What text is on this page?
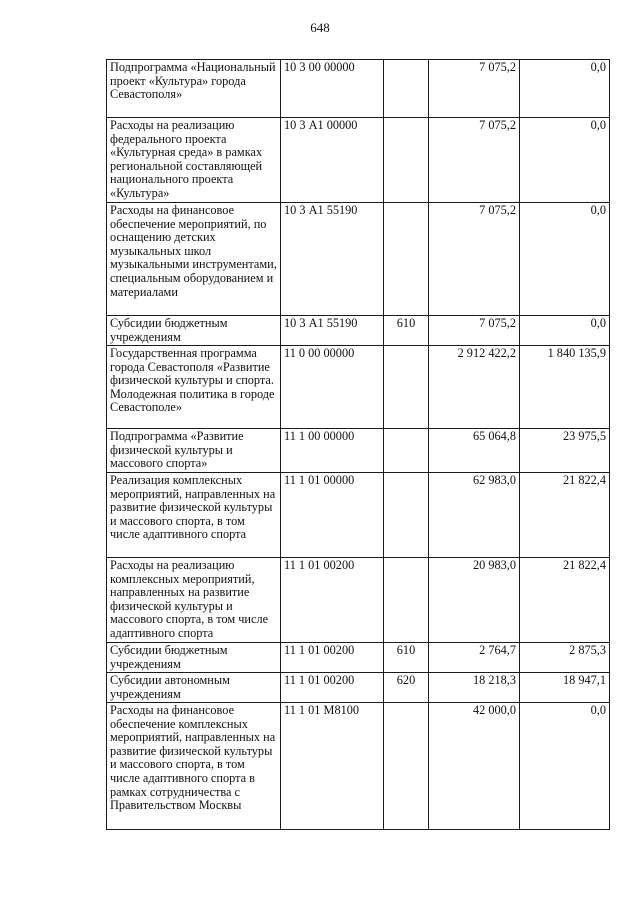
648
Подпрограмма «Национальный проект «Культура» города Севастополя»	10 3 00 00000		7 075,2	0,0
Расходы на реализацию федерального проекта «Культурная среда» в рамках региональной составляющей национального проекта «Культура»	10 3 А1 00000		7 075,2	0,0
Расходы на финансовое обеспечение мероприятий, по оснащению детских музыкальных школ музыкальными инструментами, специальным оборудованием и материалами	10 3 А1 55190		7 075,2	0,0
Субсидии бюджетным учреждениям	10 3 А1 55190	610	7 075,2	0,0
Государственная программа города Севастополя «Развитие физической культуры и спорта. Молодежная политика в городе Севастополе»	11 0 00 00000		2 912 422,2	1 840 135,9
Подпрограмма «Развитие физической культуры и массового спорта»	11 1 00 00000		65 064,8	23 975,5
Реализация комплексных мероприятий, направленных на развитие физической культуры и массового спорта, в том числе адаптивного спорта	11 1 01 00000		62 983,0	21 822,4
Расходы на реализацию комплексных мероприятий, направленных на развитие физической культуры и массового спорта, в том числе адаптивного спорта	11 1 01 00200		20 983,0	21 822,4
Субсидии бюджетным учреждениям	11 1 01 00200	610	2 764,7	2 875,3
Субсидии автономным учреждениям	11 1 01 00200	620	18 218,3	18 947,1
Расходы на финансовое обеспечение комплексных мероприятий, направленных на развитие физической культуры и массового спорта, в том числе адаптивного спорта в рамках сотрудничества с Правительством Москвы	11 1 01 М8100		42 000,0	0,0
